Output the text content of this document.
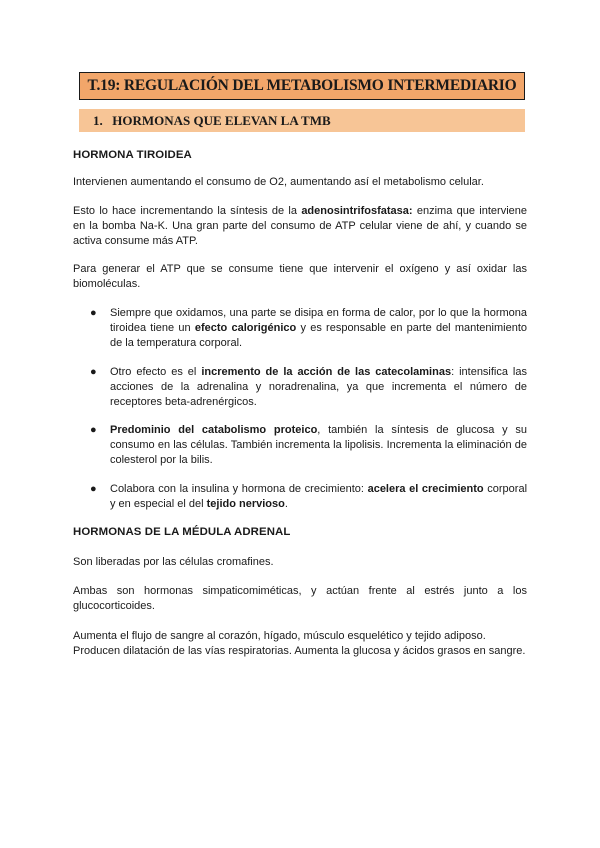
T.19: REGULACIÓN DEL METABOLISMO INTERMEDIARIO
1. HORMONAS QUE ELEVAN LA TMB
HORMONA TIROIDEA
Intervienen aumentando el consumo de O2, aumentando así el metabolismo celular.
Esto lo hace incrementando la síntesis de la adenosintrifosfatasa: enzima que interviene en la bomba Na-K. Una gran parte del consumo de ATP celular viene de ahí, y cuando se activa consume más ATP.
Para generar el ATP que se consume tiene que intervenir el oxígeno y así oxidar las biomoléculas.
● Siempre que oxidamos, una parte se disipa en forma de calor, por lo que la hormona tiroidea tiene un efecto calorigénico y es responsable en parte del mantenimiento de la temperatura corporal.
● Otro efecto es el incremento de la acción de las catecolaminas: intensifica las acciones de la adrenalina y noradrenalina, ya que incrementa el número de receptores beta-adrenérgicos.
● Predominio del catabolismo proteico, también la síntesis de glucosa y su consumo en las células. También incrementa la lipolisis. Incrementa la eliminación de colesterol por la bilis.
● Colabora con la insulina y hormona de crecimiento: acelera el crecimiento corporal y en especial el del tejido nervioso.
HORMONAS DE LA MÉDULA ADRENAL
Son liberadas por las células cromafines.
Ambas son hormonas simpaticomiméticas, y actúan frente al estrés junto a los glucocorticoides.
Aumenta el flujo de sangre al corazón, hígado, músculo esquelético y tejido adiposo.
Producen dilatación de las vías respiratorias. Aumenta la glucosa y ácidos grasos en sangre.
